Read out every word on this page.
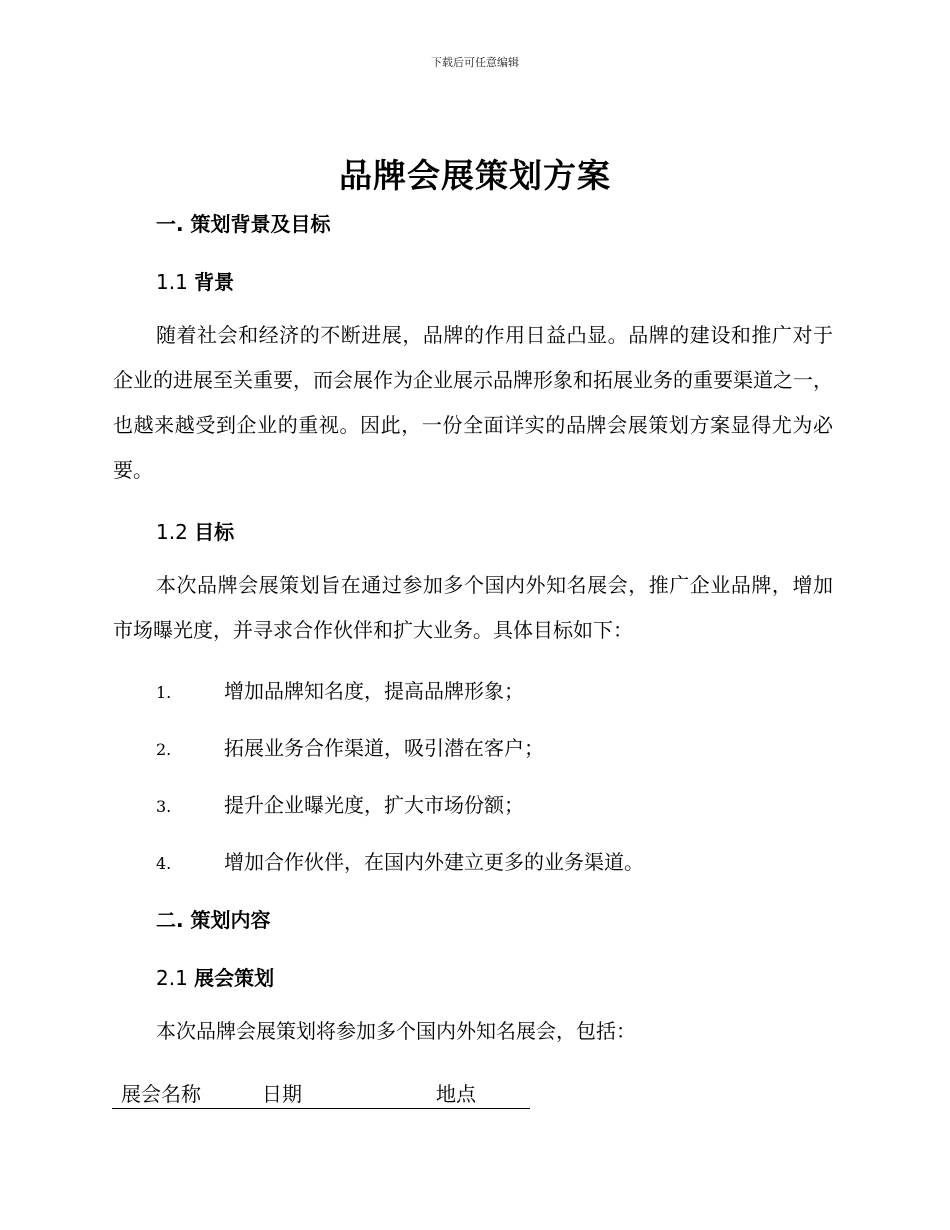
下载后可任意编辑
品牌会展策划方案
一. 策划背景及目标
1.1 背景

随着社会和经济的不断进展，品牌的作用日益凸显。品牌的建设和推广对于企业的进展至关重要，而会展作为企业展示品牌形象和拓展业务的重要渠道之一，也越来越受到企业的重视。因此，一份全面详实的品牌会展策划方案显得尤为必要。

1.2 目标

本次品牌会展策划旨在通过参加多个国内外知名展会，推广企业品牌，增加市场曝光度，并寻求合作伙伴和扩大业务。具体目标如下：

1.	增加品牌知名度，提高品牌形象；
2.	拓展业务合作渠道，吸引潜在客户；
3.	提升企业曝光度，扩大市场份额；
4.	增加合作伙伴，在国内外建立更多的业务渠道。
二. 策划内容
2.1 展会策划

本次品牌会展策划将参加多个国内外知名展会，包括：

展会名称	日期	地点
